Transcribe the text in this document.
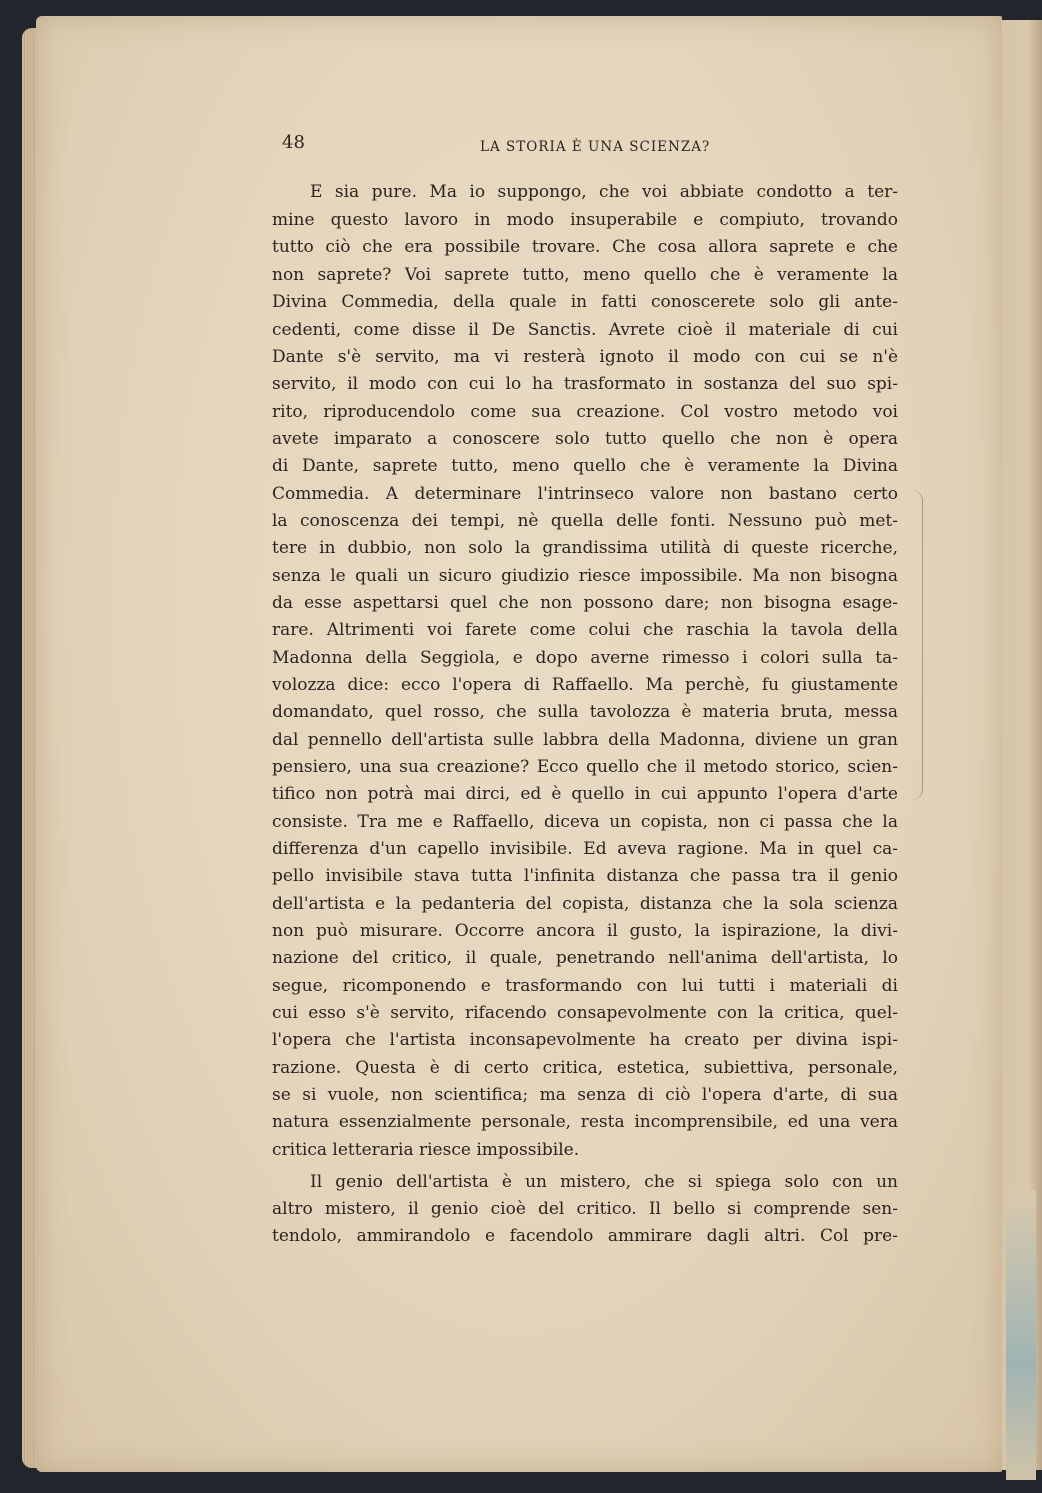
48	LA STORIA È UNA SCIENZA?
E sia pure. Ma io suppongo, che voi abbiate condotto a ter-
mine questo lavoro in modo insuperabile e compiuto, trovando
tutto ciò che era possibile trovare. Che cosa allora saprete e che
non saprete? Voi saprete tutto, meno quello che è veramente la
Divina Commedia, della quale in fatti conoscerete solo gli ante-
cedenti, come disse il De Sanctis. Avrete cioè il materiale di cui
Dante s'è servito, ma vi resterà ignoto il modo con cui se n'è
servito, il modo con cui lo ha trasformato in sostanza del suo spi-
rito, riproducendolo come sua creazione. Col vostro metodo voi
avete imparato a conoscere solo tutto quello che non è opera
di Dante, saprete tutto, meno quello che è veramente la Divina
Commedia. A determinare l'intrinseco valore non bastano certo
la conoscenza dei tempi, nè quella delle fonti. Nessuno può met-
tere in dubbio, non solo la grandissima utilità di queste ricerche,
senza le quali un sicuro giudizio riesce impossibile. Ma non bisogna
da esse aspettarsi quel che non possono dare; non bisogna esage-
rare. Altrimenti voi farete come colui che raschia la tavola della
Madonna della Seggiola, e dopo averne rimesso i colori sulla ta-
volozza dice: ecco l'opera di Raffaello. Ma perchè, fu giustamente
domandato, quel rosso, che sulla tavolozza è materia bruta, messa
dal pennello dell'artista sulle labbra della Madonna, diviene un gran
pensiero, una sua creazione? Ecco quello che il metodo storico, scien-
tifico non potrà mai dirci, ed è quello in cui appunto l'opera d'arte
consiste. Tra me e Raffaello, diceva un copista, non ci passa che la
differenza d'un capello invisibile. Ed aveva ragione. Ma in quel ca-
pello invisibile stava tutta l'infinita distanza che passa tra il genio
dell'artista e la pedanteria del copista, distanza che la sola scienza
non può misurare. Occorre ancora il gusto, la ispirazione, la divi-
nazione del critico, il quale, penetrando nell'anima dell'artista, lo
segue, ricomponendo e trasformando con lui tutti i materiali di
cui esso s'è servito, rifacendo consapevolmente con la critica, quel-
l'opera che l'artista inconsapevolmente ha creato per divina ispi-
razione. Questa è di certo critica, estetica, subiettiva, personale,
se si vuole, non scientifica; ma senza di ciò l'opera d'arte, di sua
natura essenzialmente personale, resta incomprensibile, ed una vera
critica letteraria riesce impossibile.
Il genio dell'artista è un mistero, che si spiega solo con un
altro mistero, il genio cioè del critico. Il bello si comprende sen-
tendolo, ammirandolo e facendolo ammirare dagli altri. Col pre-
